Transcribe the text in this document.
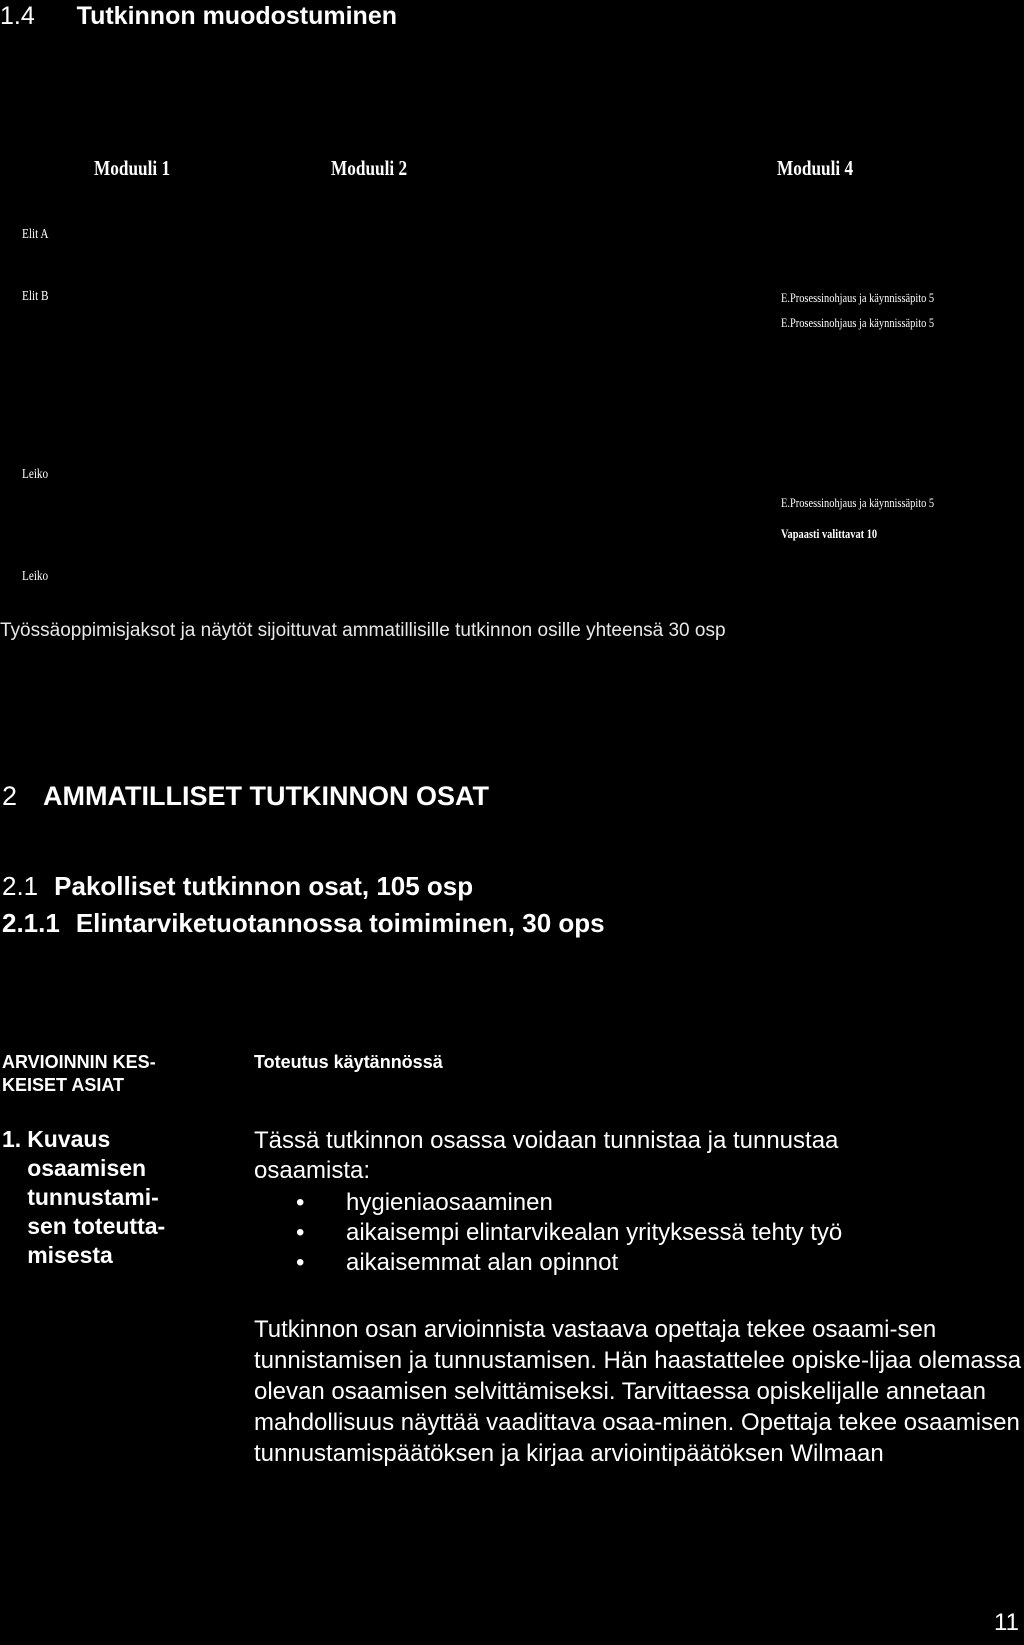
1.4 Tutkinnon muodostuminen
Moduuli 1	Moduuli 2	Moduuli 4
Elit A
Elit B
Leiko
Leiko
E.Prosessinohjaus ja käynnissäpito 5
E.Prosessinohjaus ja käynnissäpito 5
E.Prosessinohjaus ja käynnissäpito 5
Vapaasti valittavat 10
Työssäoppimisjaksot ja näytöt sijoittuvat ammatillisille tutkinnon osille yhteensä 30 osp
2 AMMATILLISET TUTKINNON OSAT
2.1 Pakolliset tutkinnon osat, 105 osp
2.1.1 Elintarviketuotannossa toimiminen, 30 ops
ARVIOINNIN KES-KEISET ASIAT
Toteutus käytännössä
1. Kuvaus osaamisen tunnustami-sen toteutta-misesta
Tässä tutkinnon osassa voidaan tunnistaa ja tunnustaa osaamista:
• hygieniaosaaminen
• aikaisempi elintarvikealan yrityksessä tehty työ
• aikaisemmat alan opinnot
Tutkinnon osan arvioinnista vastaava opettaja tekee osaami-sen tunnistamisen ja tunnustamisen. Hän haastattelee opiske-lijaa olemassa olevan osaamisen selvittämiseksi. Tarvittaessa opiskelijalle annetaan mahdollisuus näyttää vaadittava osaa-minen. Opettaja tekee osaamisen tunnustamispäätöksen ja kirjaa arviointipäätöksen Wilmaan
11
